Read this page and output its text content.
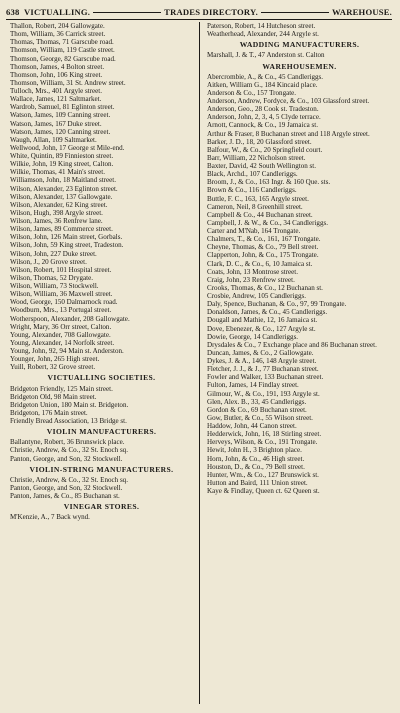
638 VICTUALLING.	TRADES DIRECTORY.	WAREHOUSE.
Thallon, Robert, 204 Gallowgate.
Thom, William, 36 Carrick street.
Thomas, Thomas, 71 Garscube road.
Thomson, William, 119 Castle street.
Thomson, George, 82 Garscube road.
Thomson, James, 4 Bolton street.
Thomson, John, 106 King street.
Thomson, William, 31 St. Andrew street.
Tulloch, Mrs., 401 Argyle street.
Wallace, James, 121 Saltmarket.
Wardrob, Samuel, 81 Eglinton street.
Watson, James, 109 Canning street.
Watson, James, 167 Duke street.
Watson, James, 120 Canning street.
Waugh, Allan, 109 Saltmarket.
Wellwood, John, 17 George st Mile-end.
White, Quintin, 89 Finnieston street.
Wilkie, John, 19 King street, Calton.
Wilkie, Thomas, 41 Main's street.
Williamson, John, 18 Maitland street.
Wilson, Alexander, 23 Eglinton street.
Wilson, Alexander, 137 Gallowgate.
Wilson, Alexander, 62 King street.
Wilson, Hugh, 398 Argyle street.
Wilson, James, 36 Renfrew lane.
Wilson, James, 89 Commerce street.
Wilson, John, 126 Main street, Gorbals.
Wilson, John, 59 King street, Tradeston.
Wilson, John, 227 Duke street.
Wilson, J., 20 Grove street.
Wilson, Robert, 101 Hospital street.
Wilson, Thomas, 52 Drygate.
Wilson, William, 73 Stockwell.
Wilson, William, 36 Maxwell street.
Wood, George, 150 Dalmarnock road.
Woodburn, Mrs., 13 Portugal street.
Wotherspoon, Alexander, 208 Gallowgate.
Wright, Mary, 36 Orr street, Calton.
Young, Alexander, 708 Gallowgate.
Young, Alexander, 14 Norfolk street.
Young, John, 92, 94 Main st. Anderston.
Younger, John, 265 High street.
Yuill, Robert, 32 Grove street.
VICTUALLING SOCIETIES.
Bridgeton Friendly, 125 Main street.
Bridgeton Old, 98 Main street.
Bridgeton Union, 180 Main st. Bridgeton.
Bridgeton, 176 Main street.
Friendly Bread Association, 13 Bridge st.
VIOLIN MANUFACTURERS.
Ballantyne, Robert, 36 Brunswick place.
Christie, Andrew, & Co., 32 St. Enoch sq.
Panton, George, and Son, 32 Stockwell.
VIOLIN-STRING MANUFACTURERS.
Christie, Andrew, & Co., 32 St. Enoch sq.
Panton, George, and Son, 32 Stockwell.
Panton, James, & Co., 85 Buchanan st.
VINEGAR STORES.
M'Kenzie, A., 7 Back wynd.
Paterson, Robert, 14 Hutcheson street.
Weatherhead, Alexander, 244 Argyle st.
WADDING MANUFACTURERS.
Marshall, J. & T., 47 Anderston st. Calton
WAREHOUSEMEN.
Abercrombie, A., & Co., 45 Candleriggs.
Aitken, William G., 184 Kincaid place.
Anderson & Co., 157 Trongate.
Anderson, Andrew, Fordyce, & Co., 103 Glassford street.
Anderson, Geo., 28 Cook st. Tradeston.
Anderson, John, 2, 3, 4, 5 Clyde terrace.
Arnott, Cannock, & Co., 19 Jamaica st.
Arthur & Fraser, 8 Buchanan street and 118 Argyle street.
Barker, J. D., 18, 20 Glassford street.
Balfour, W., & Co., 20 Springfield court.
Barr, William, 22 Nicholson street.
Baxter, David, 42 South Wellington st.
Black, Archd., 107 Candleriggs.
Broom, J., & Co., 163 Ingr. & 160 Que. sts.
Brown & Co., 116 Candleriggs.
Buttle, F. C., 163, 165 Argyle street.
Cameron, Neil, 8 Greenhill street.
Campbell & Co., 44 Buchanan street.
Campbell, J. & W., & Co., 34 Candleriggs.
Carter and M'Nab, 164 Trongate.
Chalmers, T., & Co., 161, 167 Trongate.
Cheyne, Thomas, & Co., 79 Bell street.
Clapperton, John, & Co., 175 Trongate.
Clark, D. C., & Co., 6, 10 Jamaica st.
Coats, John, 13 Montrose street.
Craig, John, 23 Renfrew street.
Crooks, Thomas, & Co., 12 Buchanan st.
Crosbie, Andrew, 105 Candleriggs.
Daly, Spence, Buchanan, & Co., 97, 99 Trongate.
Donaldson, James, & Co., 45 Candleriggs.
Dougall and Mathie, 12, 16 Jamaica st.
Dove, Ebenezer, & Co., 127 Argyle st.
Dowie, George, 14 Candleriggs.
Drysdales & Co., 7 Exchange place and 86 Buchanan street.
Duncan, James, & Co., 2 Gallowgate.
Dykes, J. & A., 146, 148 Argyle street.
Fletcher, J. J., & J., 77 Buchanan street.
Fowler and Walker, 133 Buchanan street.
Fulton, James, 14 Findlay street.
Gilmour, W., & Co., 191, 193 Argyle st.
Glen, Alex. B., 33, 45 Candleriggs.
Gordon & Co., 69 Buchanan street.
Gow, Butler, & Co., 55 Wilson street.
Haddow, John, 44 Canon street.
Hedderwick, John, 16, 18 Stirling street.
Herveys, Wilson, & Co., 191 Trongate.
Hewit, John H., 3 Brighton place.
Horn, John, & Co., 46 High street.
Houston, D., & Co., 79 Bell street.
Hunter, Wm., & Co., 127 Brunswick st.
Hutton and Baird, 111 Union street.
Kaye & Findlay, Queen ct. 62 Queen st.
